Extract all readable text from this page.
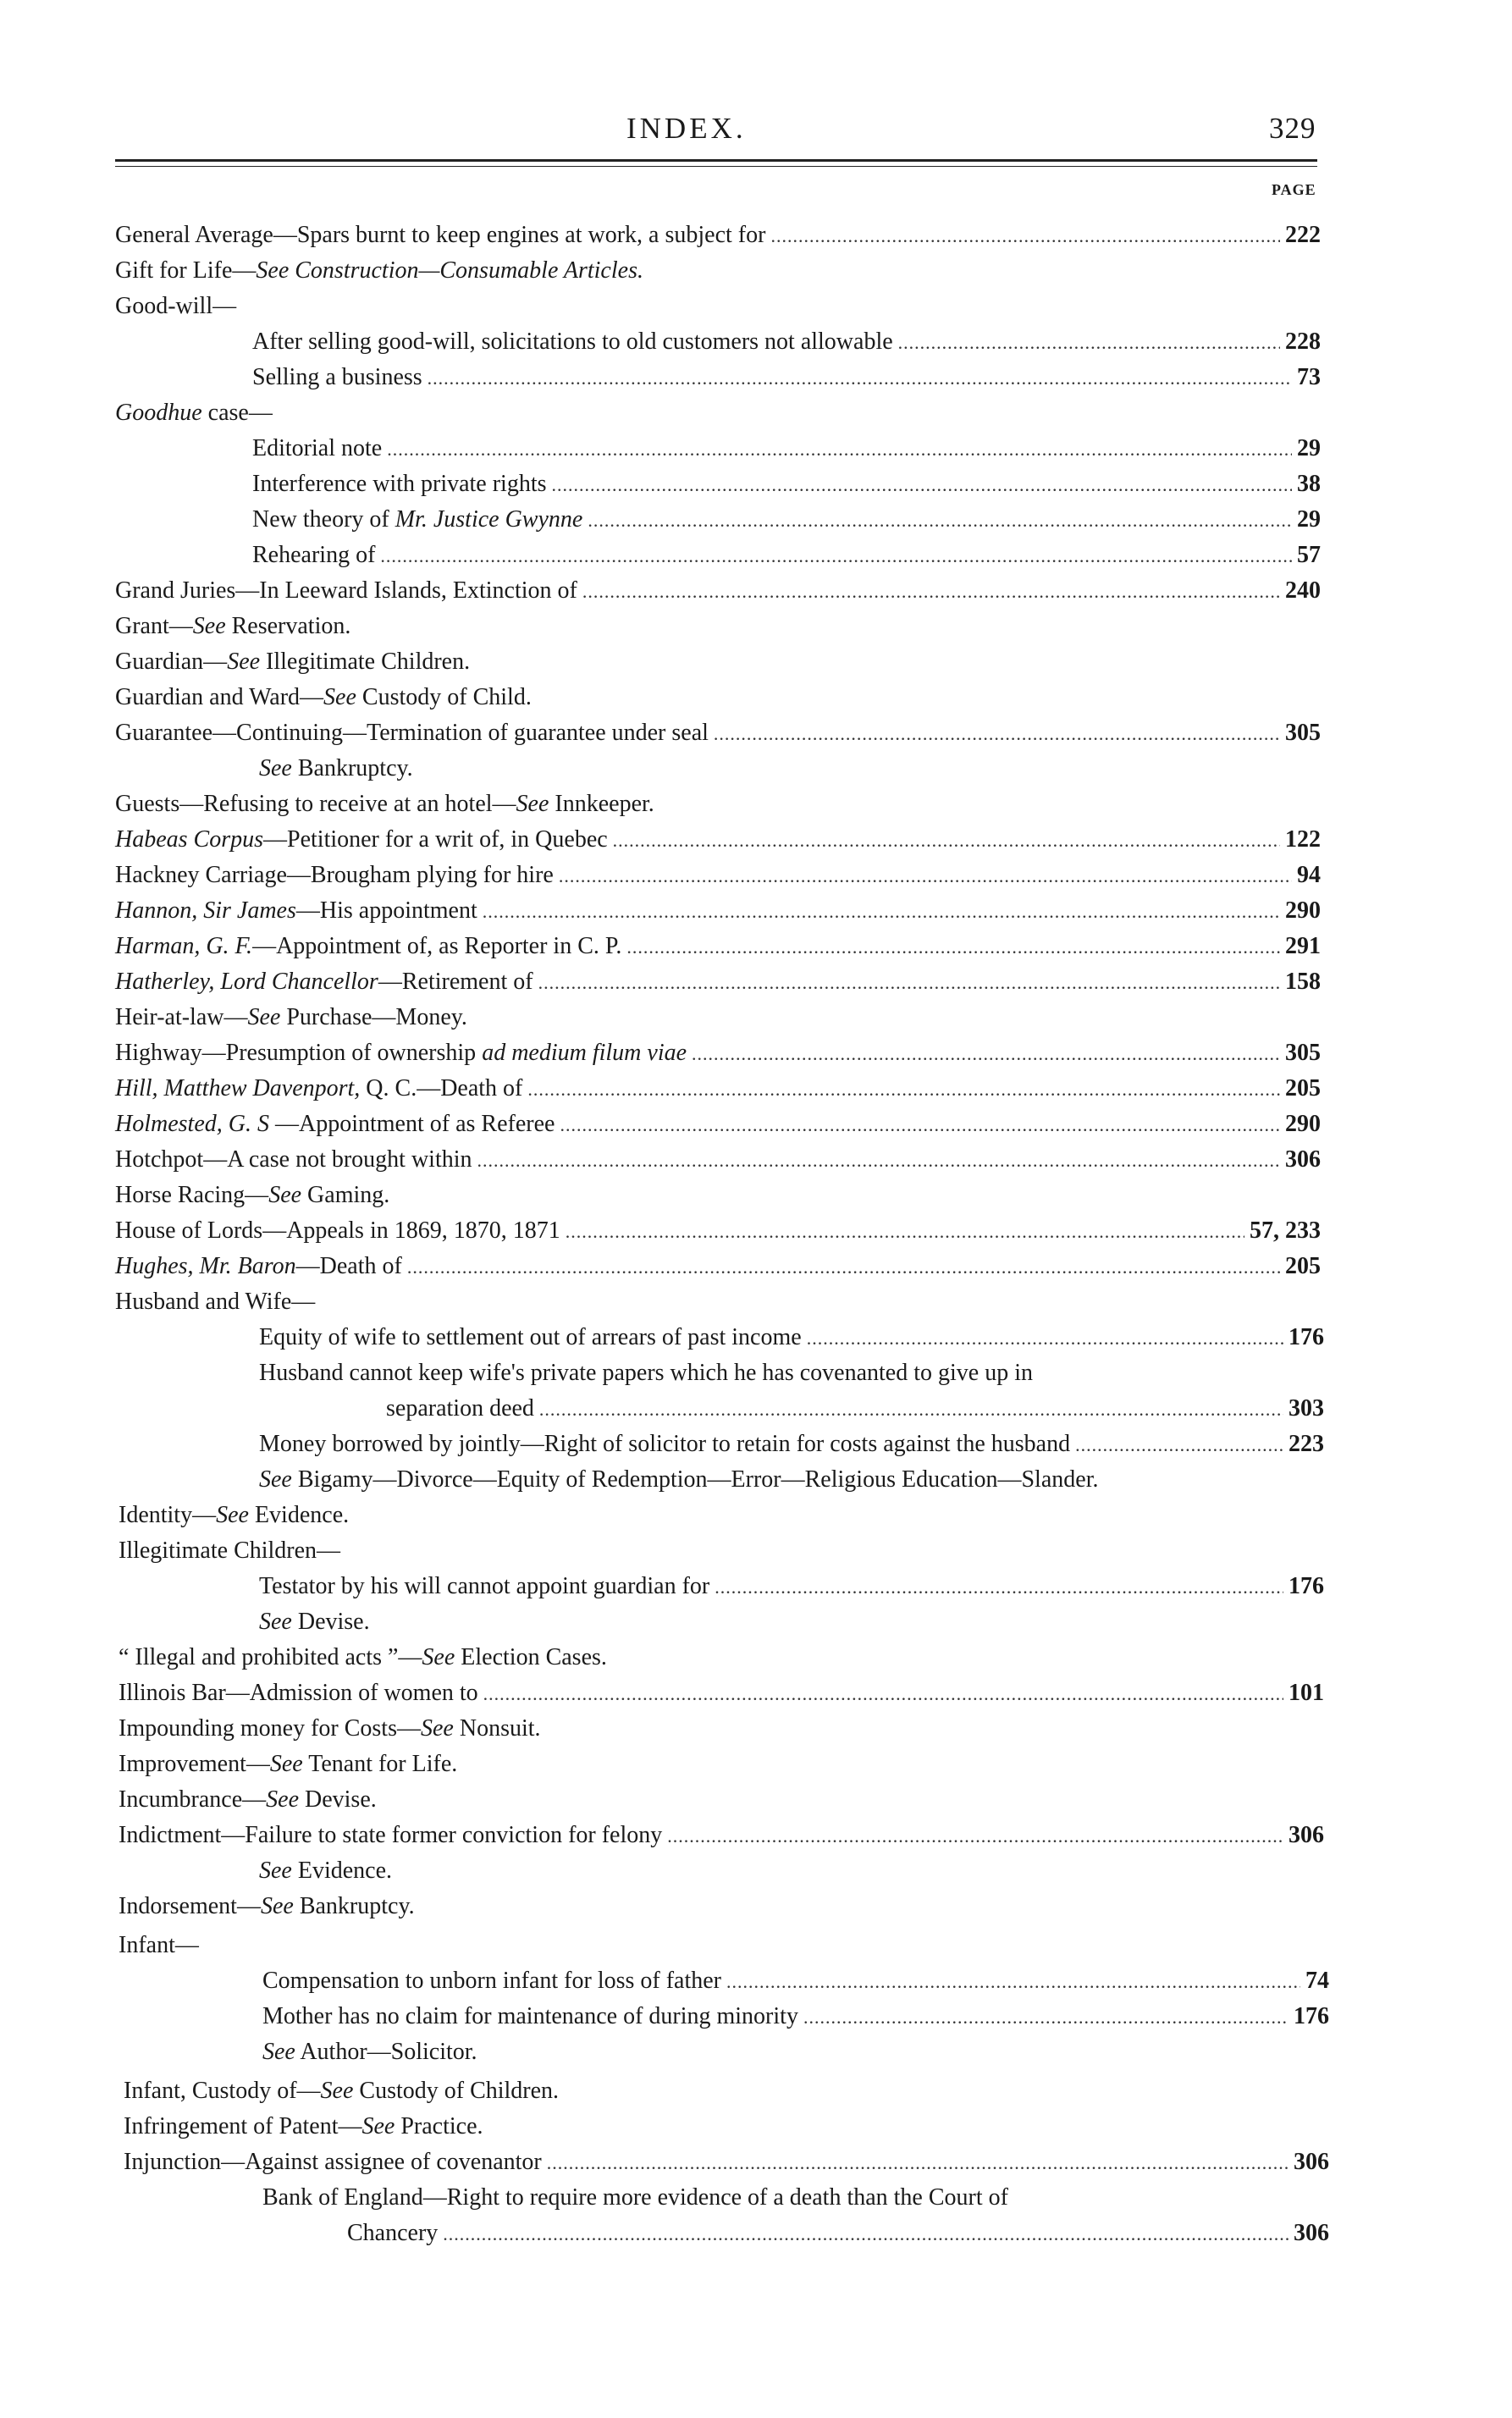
INDEX.	329
PAGE
General Average—Spars burnt to keep engines at work, a subject for .....	222
Gift for Life—See Construction—Consumable Articles.
Good-will—
After selling good-will, solicitations to old customers not allowable .....	228
Selling a business .....	73
Goodhue case—
Editorial note .....	29
Interference with private rights .....	38
New theory of Mr. Justice Gwynne .....	29
Rehearing of .....	57
Grand Juries—In Leeward Islands, Extinction of .....	240
Grant—See Reservation.
Guardian—See Illegitimate Children.
Guardian and Ward—See Custody of Child.
Guarantee—Continuing—Termination of guarantee under seal .....	305
See Bankruptcy.
Guests—Refusing to receive at an hotel—See Innkeeper.
Habeas Corpus—Petitioner for a writ of, in Quebec .....	122
Hackney Carriage—Brougham plying for hire .....	94
Hannon, Sir James—His appointment .....	290
Harman, G. F.—Appointment of, as Reporter in C. P. .....	291
Hatherley, Lord Chancellor—Retirement of .....	158
Heir-at-law—See Purchase—Money.
Highway—Presumption of ownership ad medium filum viae .....	305
Hill, Matthew Davenport, Q. C.—Death of .....	205
Holmested, G. S —Appointment of as Referee .....	290
Hotchpot—A case not brought within .....	306
Horse Racing—See Gaming.
House of Lords—Appeals in 1869, 1870, 1871 .....	57, 233
Hughes, Mr. Baron—Death of .....	205
Husband and Wife—
Equity of wife to settlement out of arrears of past income .....	176
Husband cannot keep wife's private papers which he has covenanted to give up in
separation deed .....	303
Money borrowed by jointly—Right of solicitor to retain for costs against the husband .....	223
See Bigamy—Divorce—Equity of Redemption—Error—Religious Education—Slander.
Identity—See Evidence.
Illegitimate Children—
Testator by his will cannot appoint guardian for .....	176
See Devise.
“ Illegal and prohibited acts ”—See Election Cases.
Illinois Bar—Admission of women to .....	101
Impounding money for Costs—See Nonsuit.
Improvement—See Tenant for Life.
Incumbrance—See Devise.
Indictment—Failure to state former conviction for felony .....	306
See Evidence.
Indorsement—See Bankruptcy.
Infant—
Compensation to unborn infant for loss of father .....	74
Mother has no claim for maintenance of during minority .....	176
See Author—Solicitor.
Infant, Custody of—See Custody of Children.
Infringement of Patent—See Practice.
Injunction—Against assignee of covenantor .....	306
Bank of England—Right to require more evidence of a death than the Court of
Chancery .....	306
